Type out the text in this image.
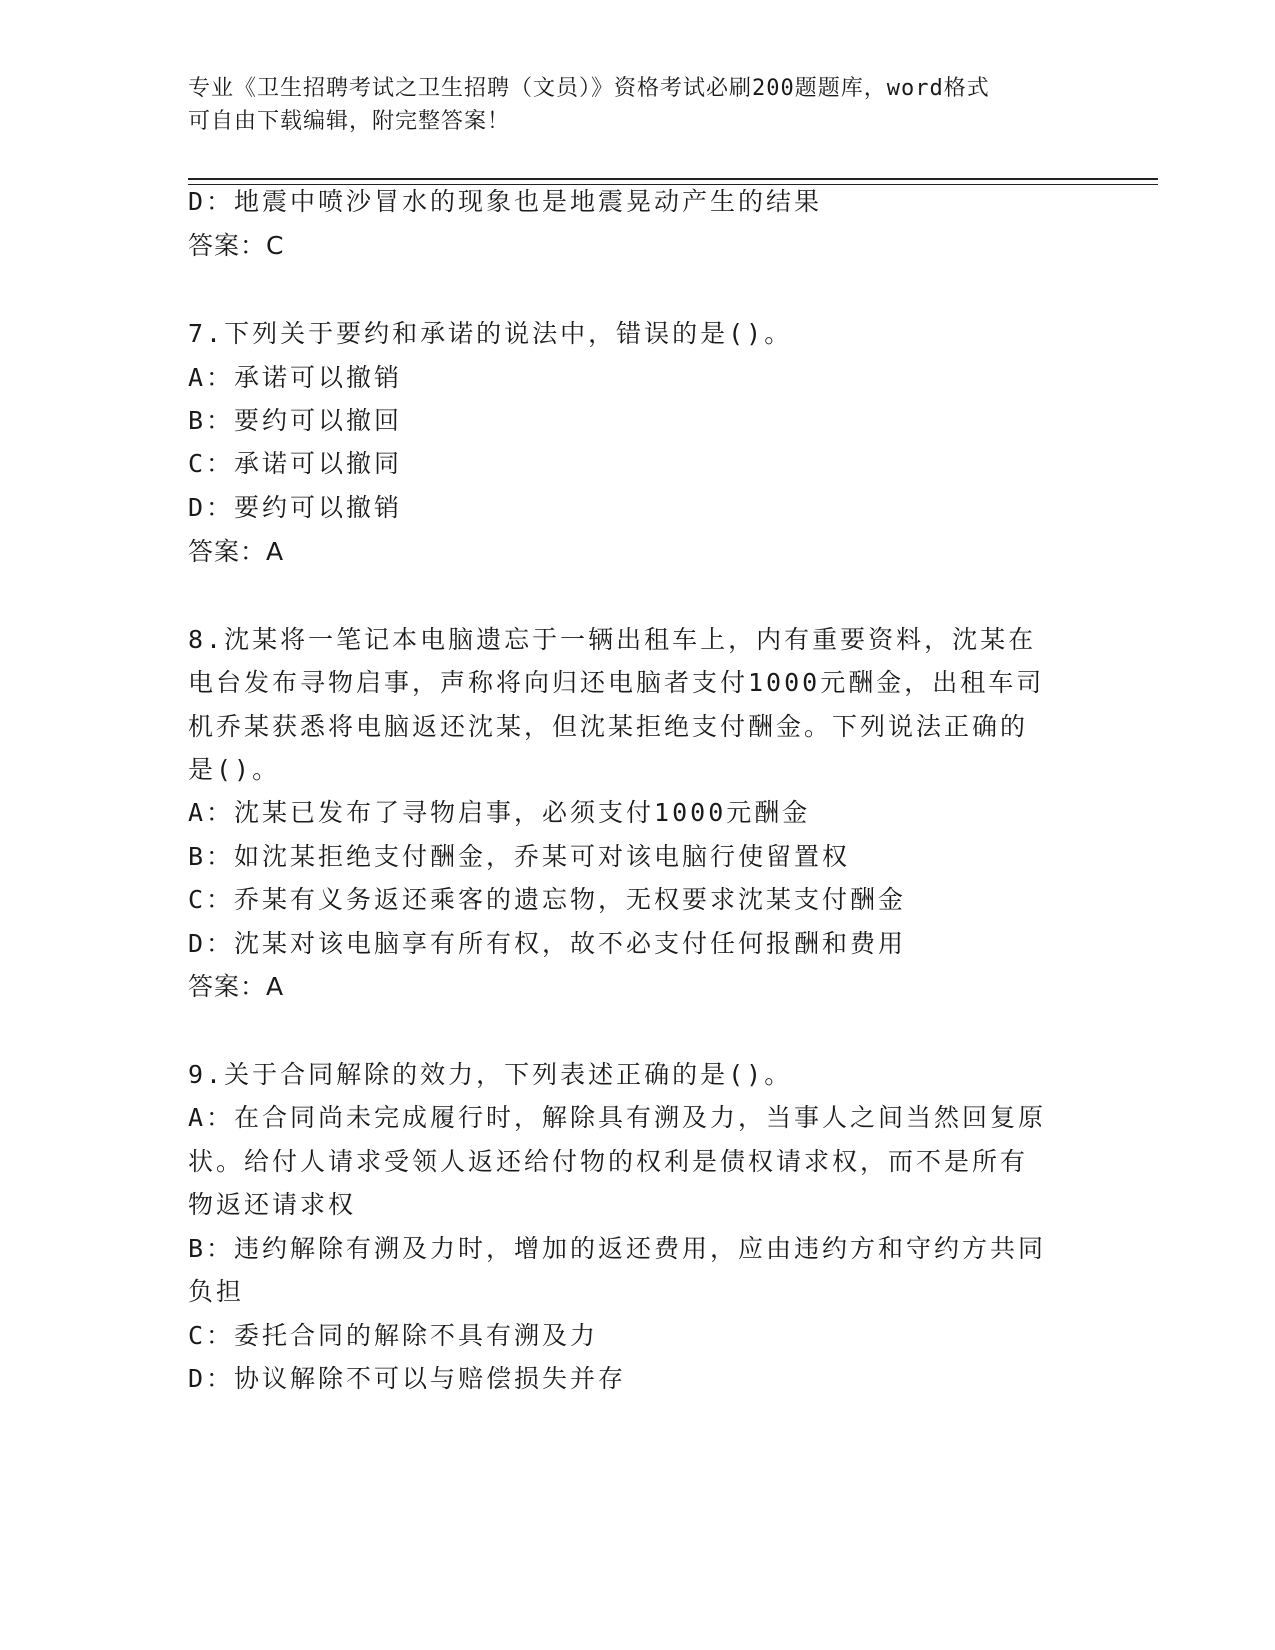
专业《卫生招聘考试之卫生招聘（文员）》资格考试必刷200题题库，word格式
可自由下载编辑，附完整答案！
D：地震中喷沙冒水的现象也是地震晃动产生的结果
答案：C
7.下列关于要约和承诺的说法中，错误的是()。
A：承诺可以撤销
B：要约可以撤回
C：承诺可以撤同
D：要约可以撤销
答案：A
8.沈某将一笔记本电脑遗忘于一辆出租车上，内有重要资料，沈某在
电台发布寻物启事，声称将向归还电脑者支付1000元酬金，出租车司
机乔某获悉将电脑返还沈某，但沈某拒绝支付酬金。下列说法正确的
是()。
A：沈某已发布了寻物启事，必须支付1000元酬金
B：如沈某拒绝支付酬金，乔某可对该电脑行使留置权
C：乔某有义务返还乘客的遗忘物，无权要求沈某支付酬金
D：沈某对该电脑享有所有权，故不必支付任何报酬和费用
答案：A
9.关于合同解除的效力，下列表述正确的是()。
A：在合同尚未完成履行时，解除具有溯及力，当事人之间当然回复原
状。给付人请求受领人返还给付物的权利是债权请求权，而不是所有
物返还请求权
B：违约解除有溯及力时，增加的返还费用，应由违约方和守约方共同
负担
C：委托合同的解除不具有溯及力
D：协议解除不可以与赔偿损失并存
